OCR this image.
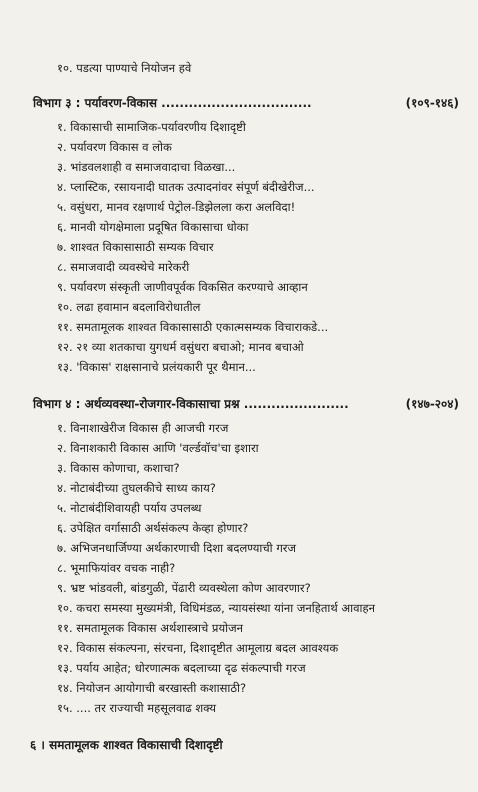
१०. पडत्या पाण्याचे नियोजन हवे
विभाग ३ : पर्यावरण-विकास .................................	(१०९-१४६)
१. विकासाची सामाजिक-पर्यावरणीय दिशादृष्टी
२. पर्यावरण विकास व लोक
३. भांडवलशाही व समाजवादाचा विळखा...
४. प्लास्टिक, रसायनादी घातक उत्पादनांवर संपूर्ण बंदीखेरीज...
५. वसुंधरा, मानव रक्षणार्थ पेट्रोल-डिझेलला करा अलविदा!
६. मानवी योगक्षेमाला प्रदूषित विकासाचा धोका
७. शाश्वत विकासासाठी सम्यक विचार
८. समाजवादी व्यवस्थेचे मारेकरी
९. पर्यावरण संस्कृती जाणीवपूर्वक विकसित करण्याचे आव्हान
१०. लढा हवामान बदलाविरोधातील
११. समतामूलक शाश्वत विकासासाठी एकात्मसम्यक विचाराकडे...
१२. २१ व्या शतकाचा युगधर्म वसुंधरा बचाओ; मानव बचाओ
१३. 'विकास' राक्षसानाचे प्रलंयकारी पूर थैमान...
विभाग ४ : अर्थव्यवस्था-रोजगार-विकासाचा प्रश्न .......................	(१४७-२०४)
१. विनाशाखेरीज विकास ही आजची गरज
२. विनाशकारी विकास आणि 'वर्ल्डवॉच'चा इशारा
३. विकास कोणाचा, कशाचा?
४. नोटाबंदीच्या तुघलकीचे साध्य काय?
५. नोटाबंदीशिवायही पर्याय उपलब्ध
६. उपेक्षित वर्गासाठी अर्थसंकल्प केव्हा होणार?
७. अभिजनधार्जिण्या अर्थकारणाची दिशा बदलण्याची गरज
८. भूमाफियांवर वचक नाही?
९. भ्रष्ट भांडवली, बांडगुळी, पेंढारी व्यवस्थेला कोण आवरणार?
१०. कचरा समस्या मुख्यमंत्री, विधिमंडळ, न्यायसंस्था यांना जनहितार्थ आवाहन
११. समतामूलक विकास अर्थशास्त्राचे प्रयोजन
१२. विकास संकल्पना, संरचना, दिशादृष्टीत आमूलाग्र बदल आवश्यक
१३. पर्याय आहेत; धोरणात्मक बदलाच्या दृढ संकल्पाची गरज
१४. नियोजन आयोगाची बरखास्ती कशासाठी?
१५. .... तर राज्याची महसूलवाढ शक्य
६ । समतामूलक शाश्वत विकासाची दिशादृष्टी
